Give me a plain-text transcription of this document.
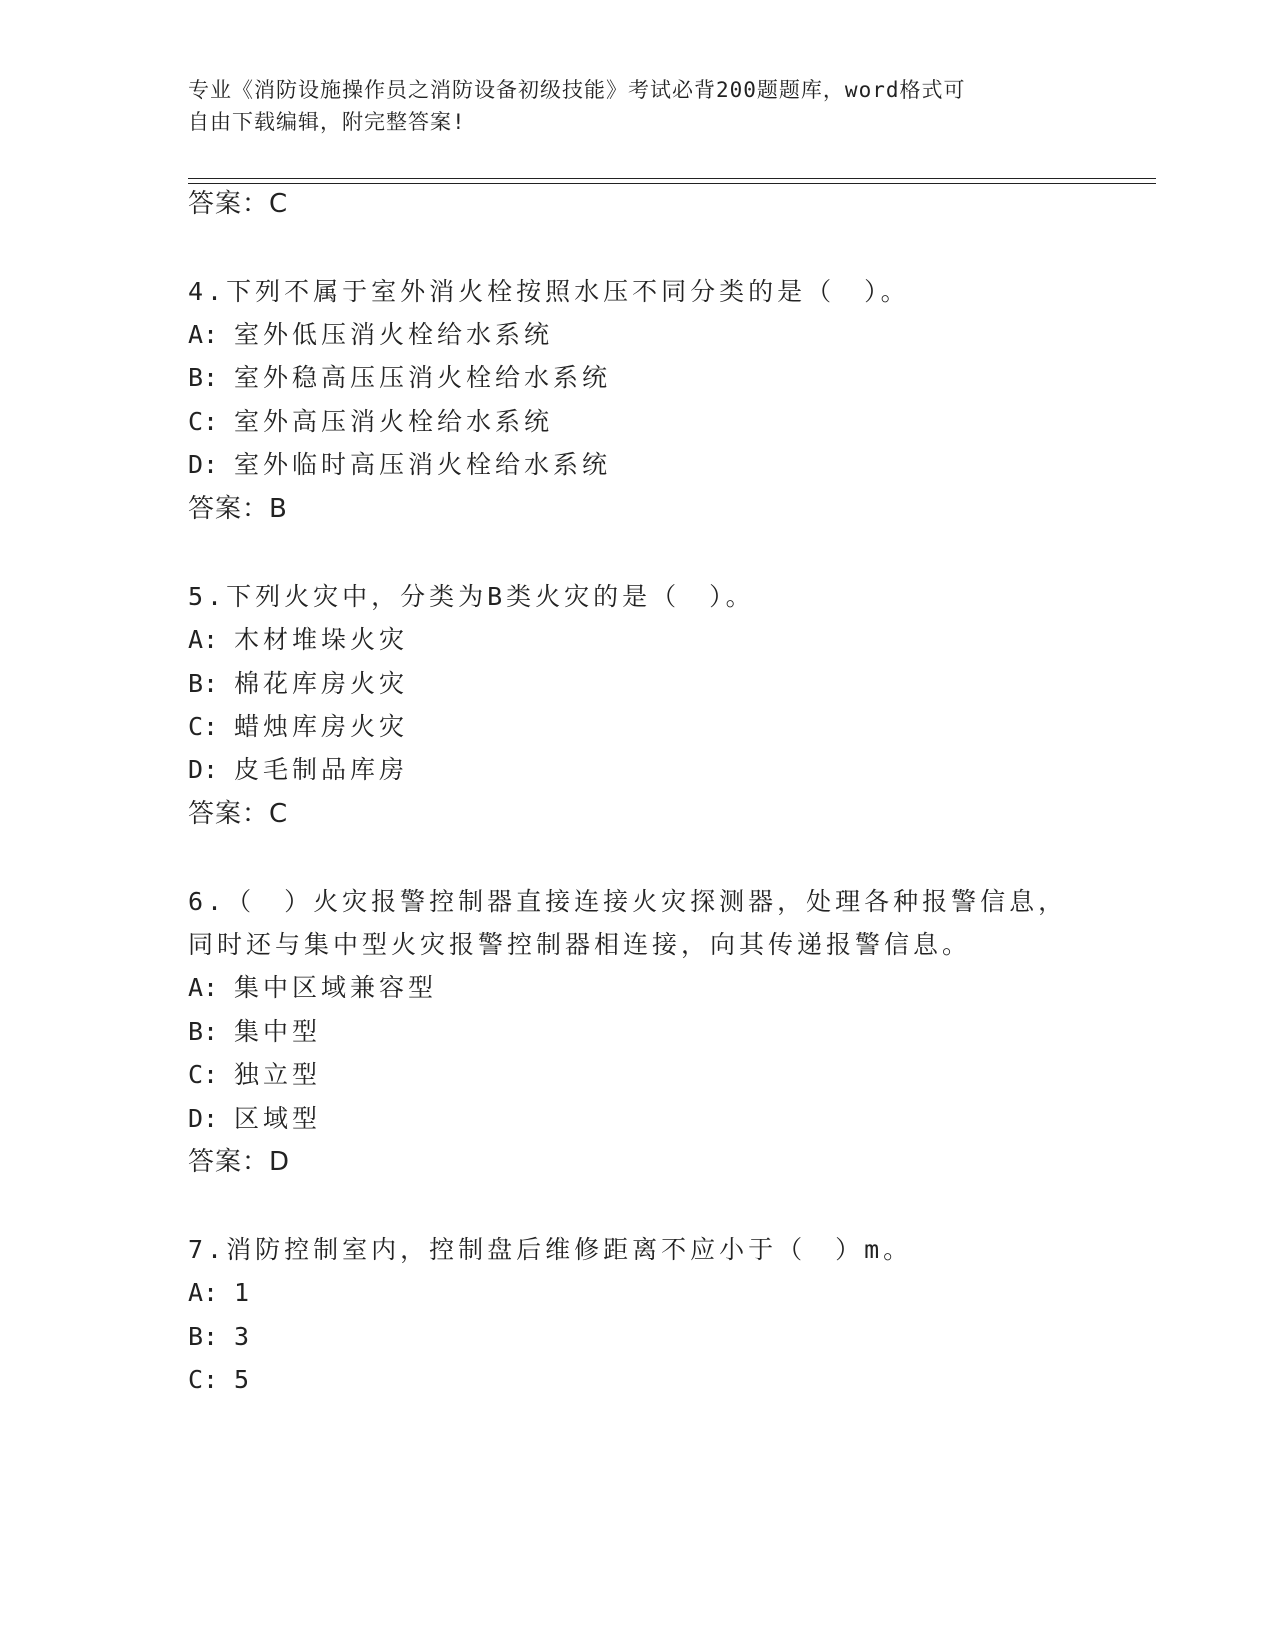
专业《消防设施操作员之消防设备初级技能》考试必背200题题库，word格式可
自由下载编辑，附完整答案!
答案：C
4.下列不属于室外消火栓按照水压不同分类的是（　）。
A: 室外低压消火栓给水系统
B: 室外稳高压压消火栓给水系统
C: 室外高压消火栓给水系统
D: 室外临时高压消火栓给水系统
答案：B
5.下列火灾中，分类为B类火灾的是（　）。
A: 木材堆垛火灾
B: 棉花库房火灾
C: 蜡烛库房火灾
D: 皮毛制品库房
答案：C
6.（　）火灾报警控制器直接连接火灾探测器，处理各种报警信息，
同时还与集中型火灾报警控制器相连接，向其传递报警信息。
A: 集中区域兼容型
B: 集中型
C: 独立型
D: 区域型
答案：D
7.消防控制室内，控制盘后维修距离不应小于（　）m。
A: 1
B: 3
C: 5
